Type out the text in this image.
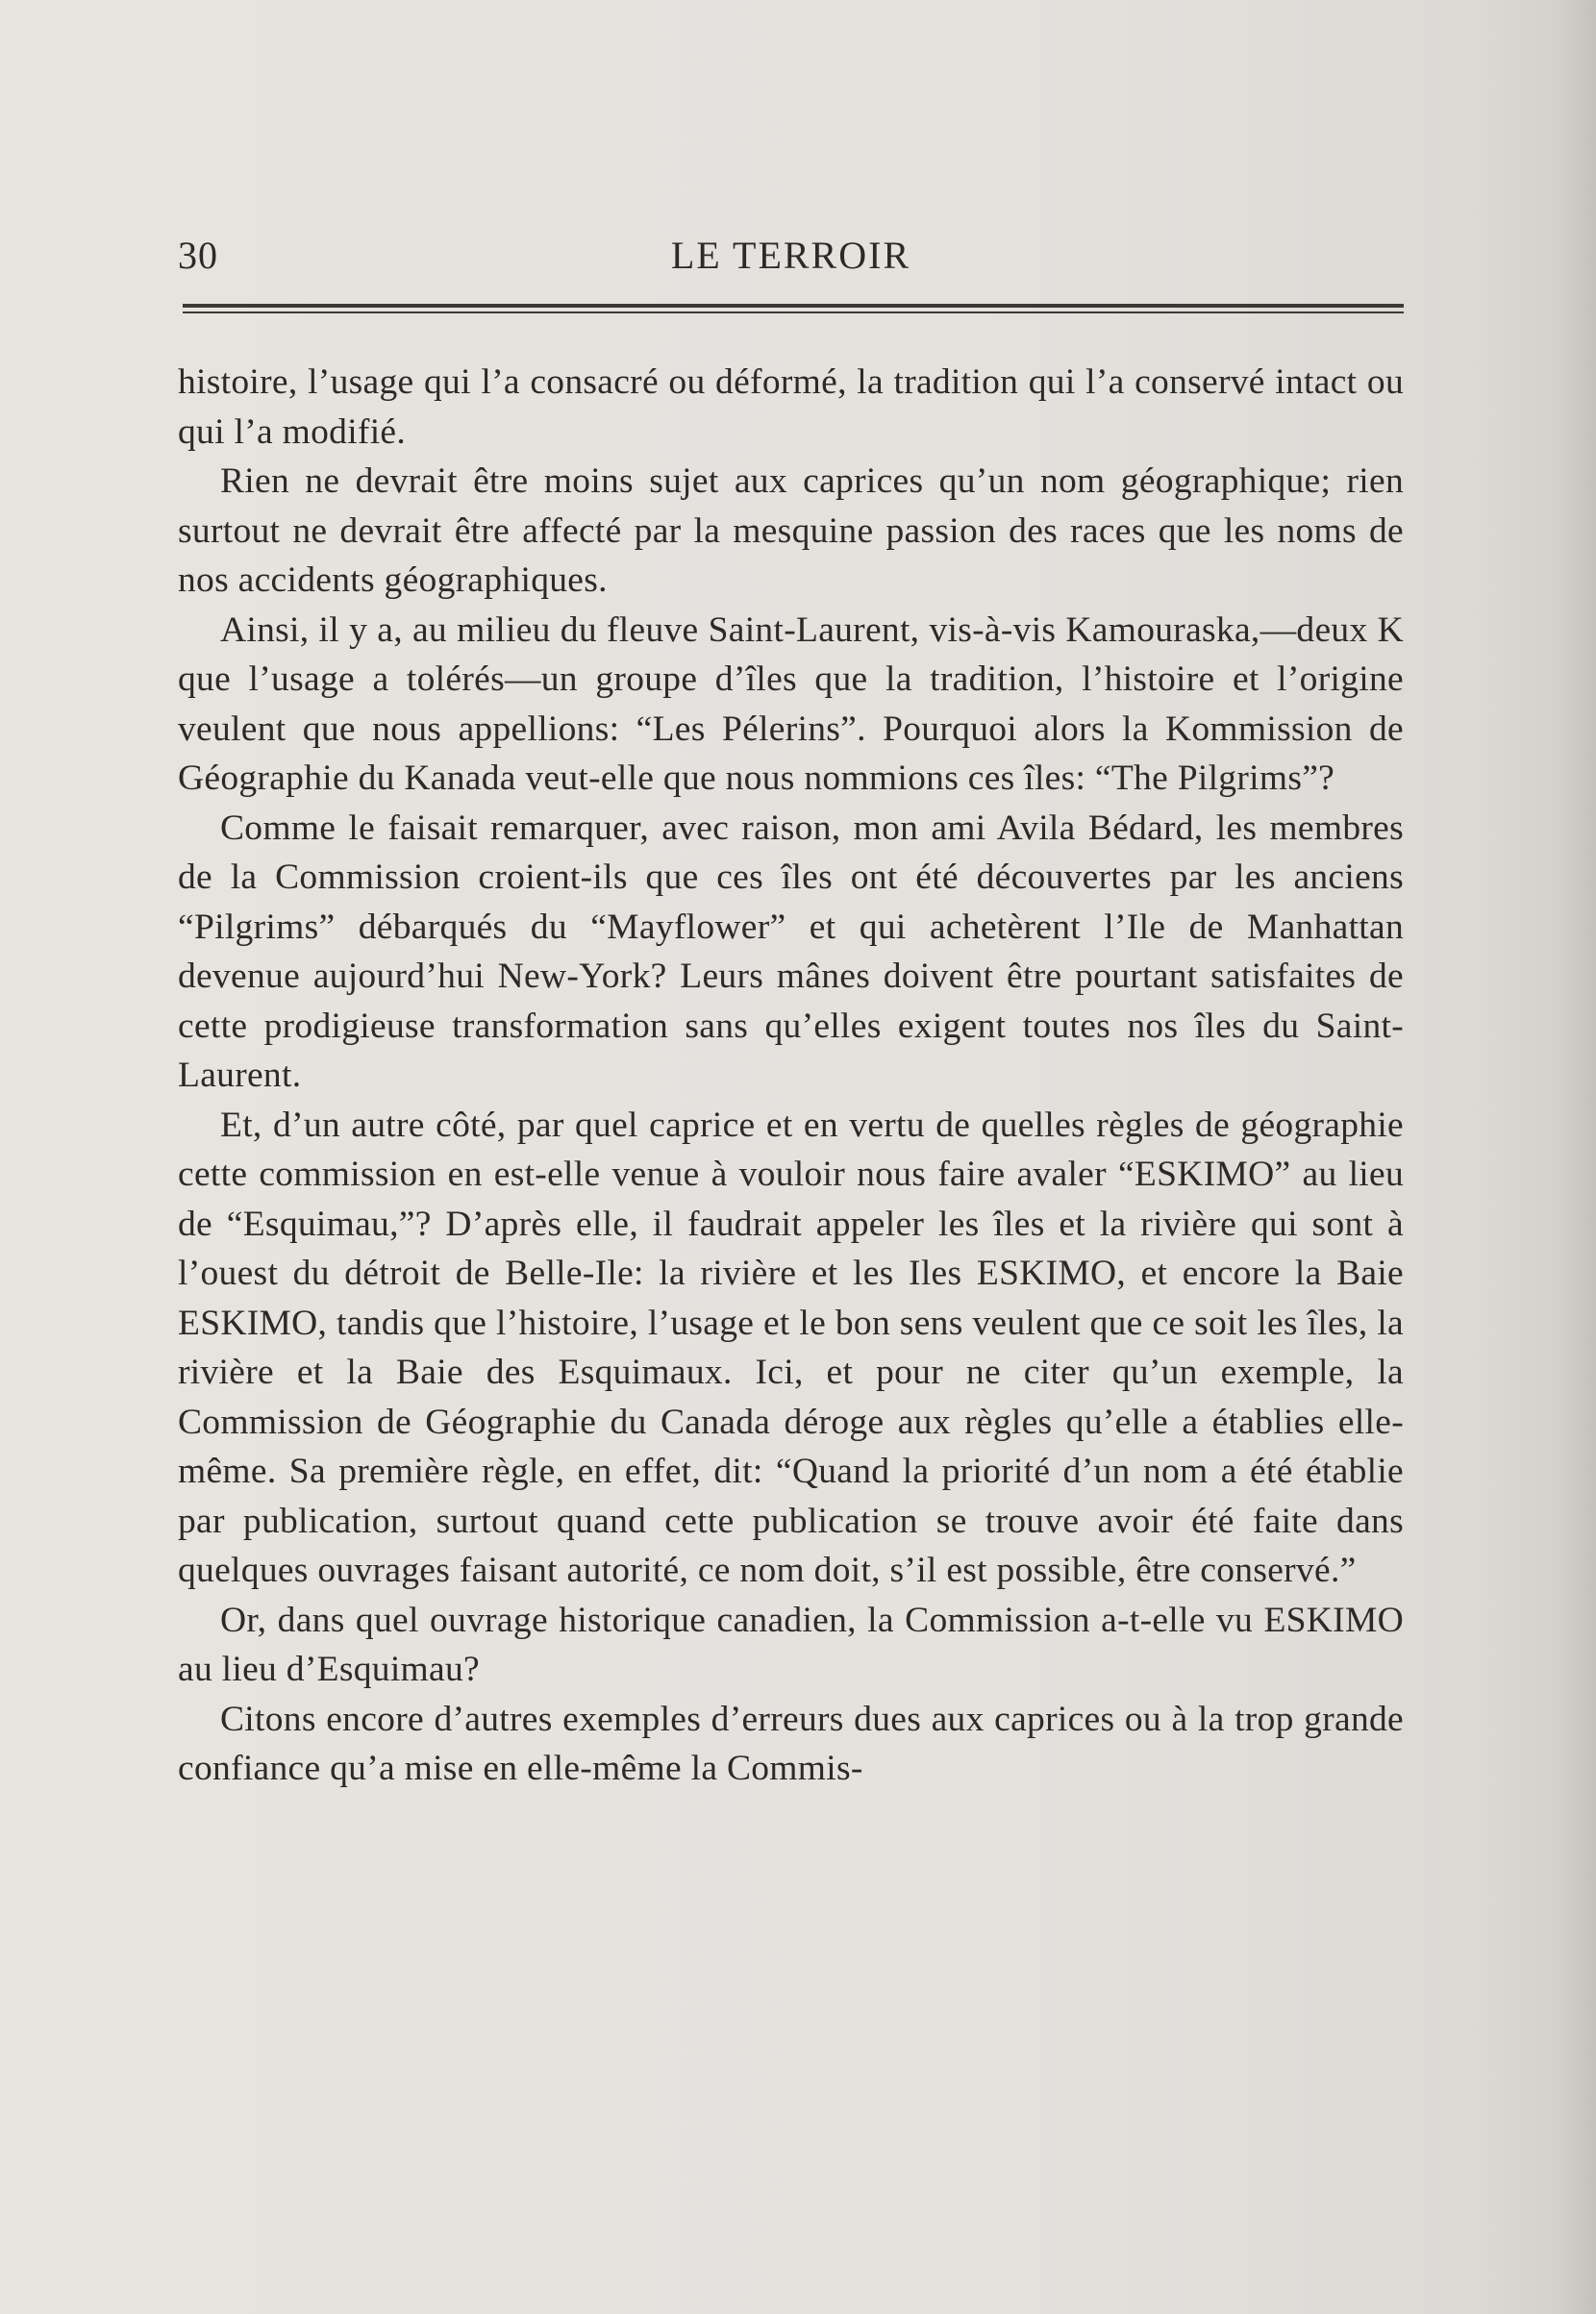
30	LE TERROIR

histoire, l’usage qui l’a consacré ou déformé, la tradition qui l’a conservé intact ou qui l’a modifié.

Rien ne devrait être moins sujet aux caprices qu’un nom géographique; rien surtout ne devrait être affecté par la mesquine passion des races que les noms de nos accidents géographiques.

Ainsi, il y a, au milieu du fleuve Saint-Laurent, vis-à-vis Kamouraska,—deux K que l’usage a tolérés—un groupe d’îles que la tradition, l’histoire et l’origine veulent que nous appellions: “Les Pélerins”. Pourquoi alors la Kommission de Géographie du Kanada veut-elle que nous nommions ces îles: “The Pilgrims”?

Comme le faisait remarquer, avec raison, mon ami Avila Bédard, les membres de la Commission croient-ils que ces îles ont été découvertes par les anciens “Pilgrims” débarqués du “Mayflower” et qui achetèrent l’Ile de Manhattan devenue aujourd’hui New-York? Leurs mânes doivent être pourtant satisfaites de cette prodigieuse transformation sans qu’elles exigent toutes nos îles du Saint-Laurent.

Et, d’un autre côté, par quel caprice et en vertu de quelles règles de géographie cette commission en est-elle venue à vouloir nous faire avaler “ESKIMO” au lieu de “Esquimau,”? D’après elle, il faudrait appeler les îles et la rivière qui sont à l’ouest du détroit de Belle-Ile: la rivière et les Iles ESKIMO, et encore la Baie ESKIMO, tandis que l’histoire, l’usage et le bon sens veulent que ce soit les îles, la rivière et la Baie des Esquimaux. Ici, et pour ne citer qu’un exemple, la Commission de Géographie du Canada déroge aux règles qu’elle a établies elle-même. Sa première règle, en effet, dit: “Quand la priorité d’un nom a été établie par publication, surtout quand cette publication se trouve avoir été faite dans quelques ouvrages faisant autorité, ce nom doit, s’il est possible, être conservé.”

Or, dans quel ouvrage historique canadien, la Commission a-t-elle vu ESKIMO au lieu d’Esquimau?

Citons encore d’autres exemples d’erreurs dues aux caprices ou à la trop grande confiance qu’a mise en elle-même la Commis-
